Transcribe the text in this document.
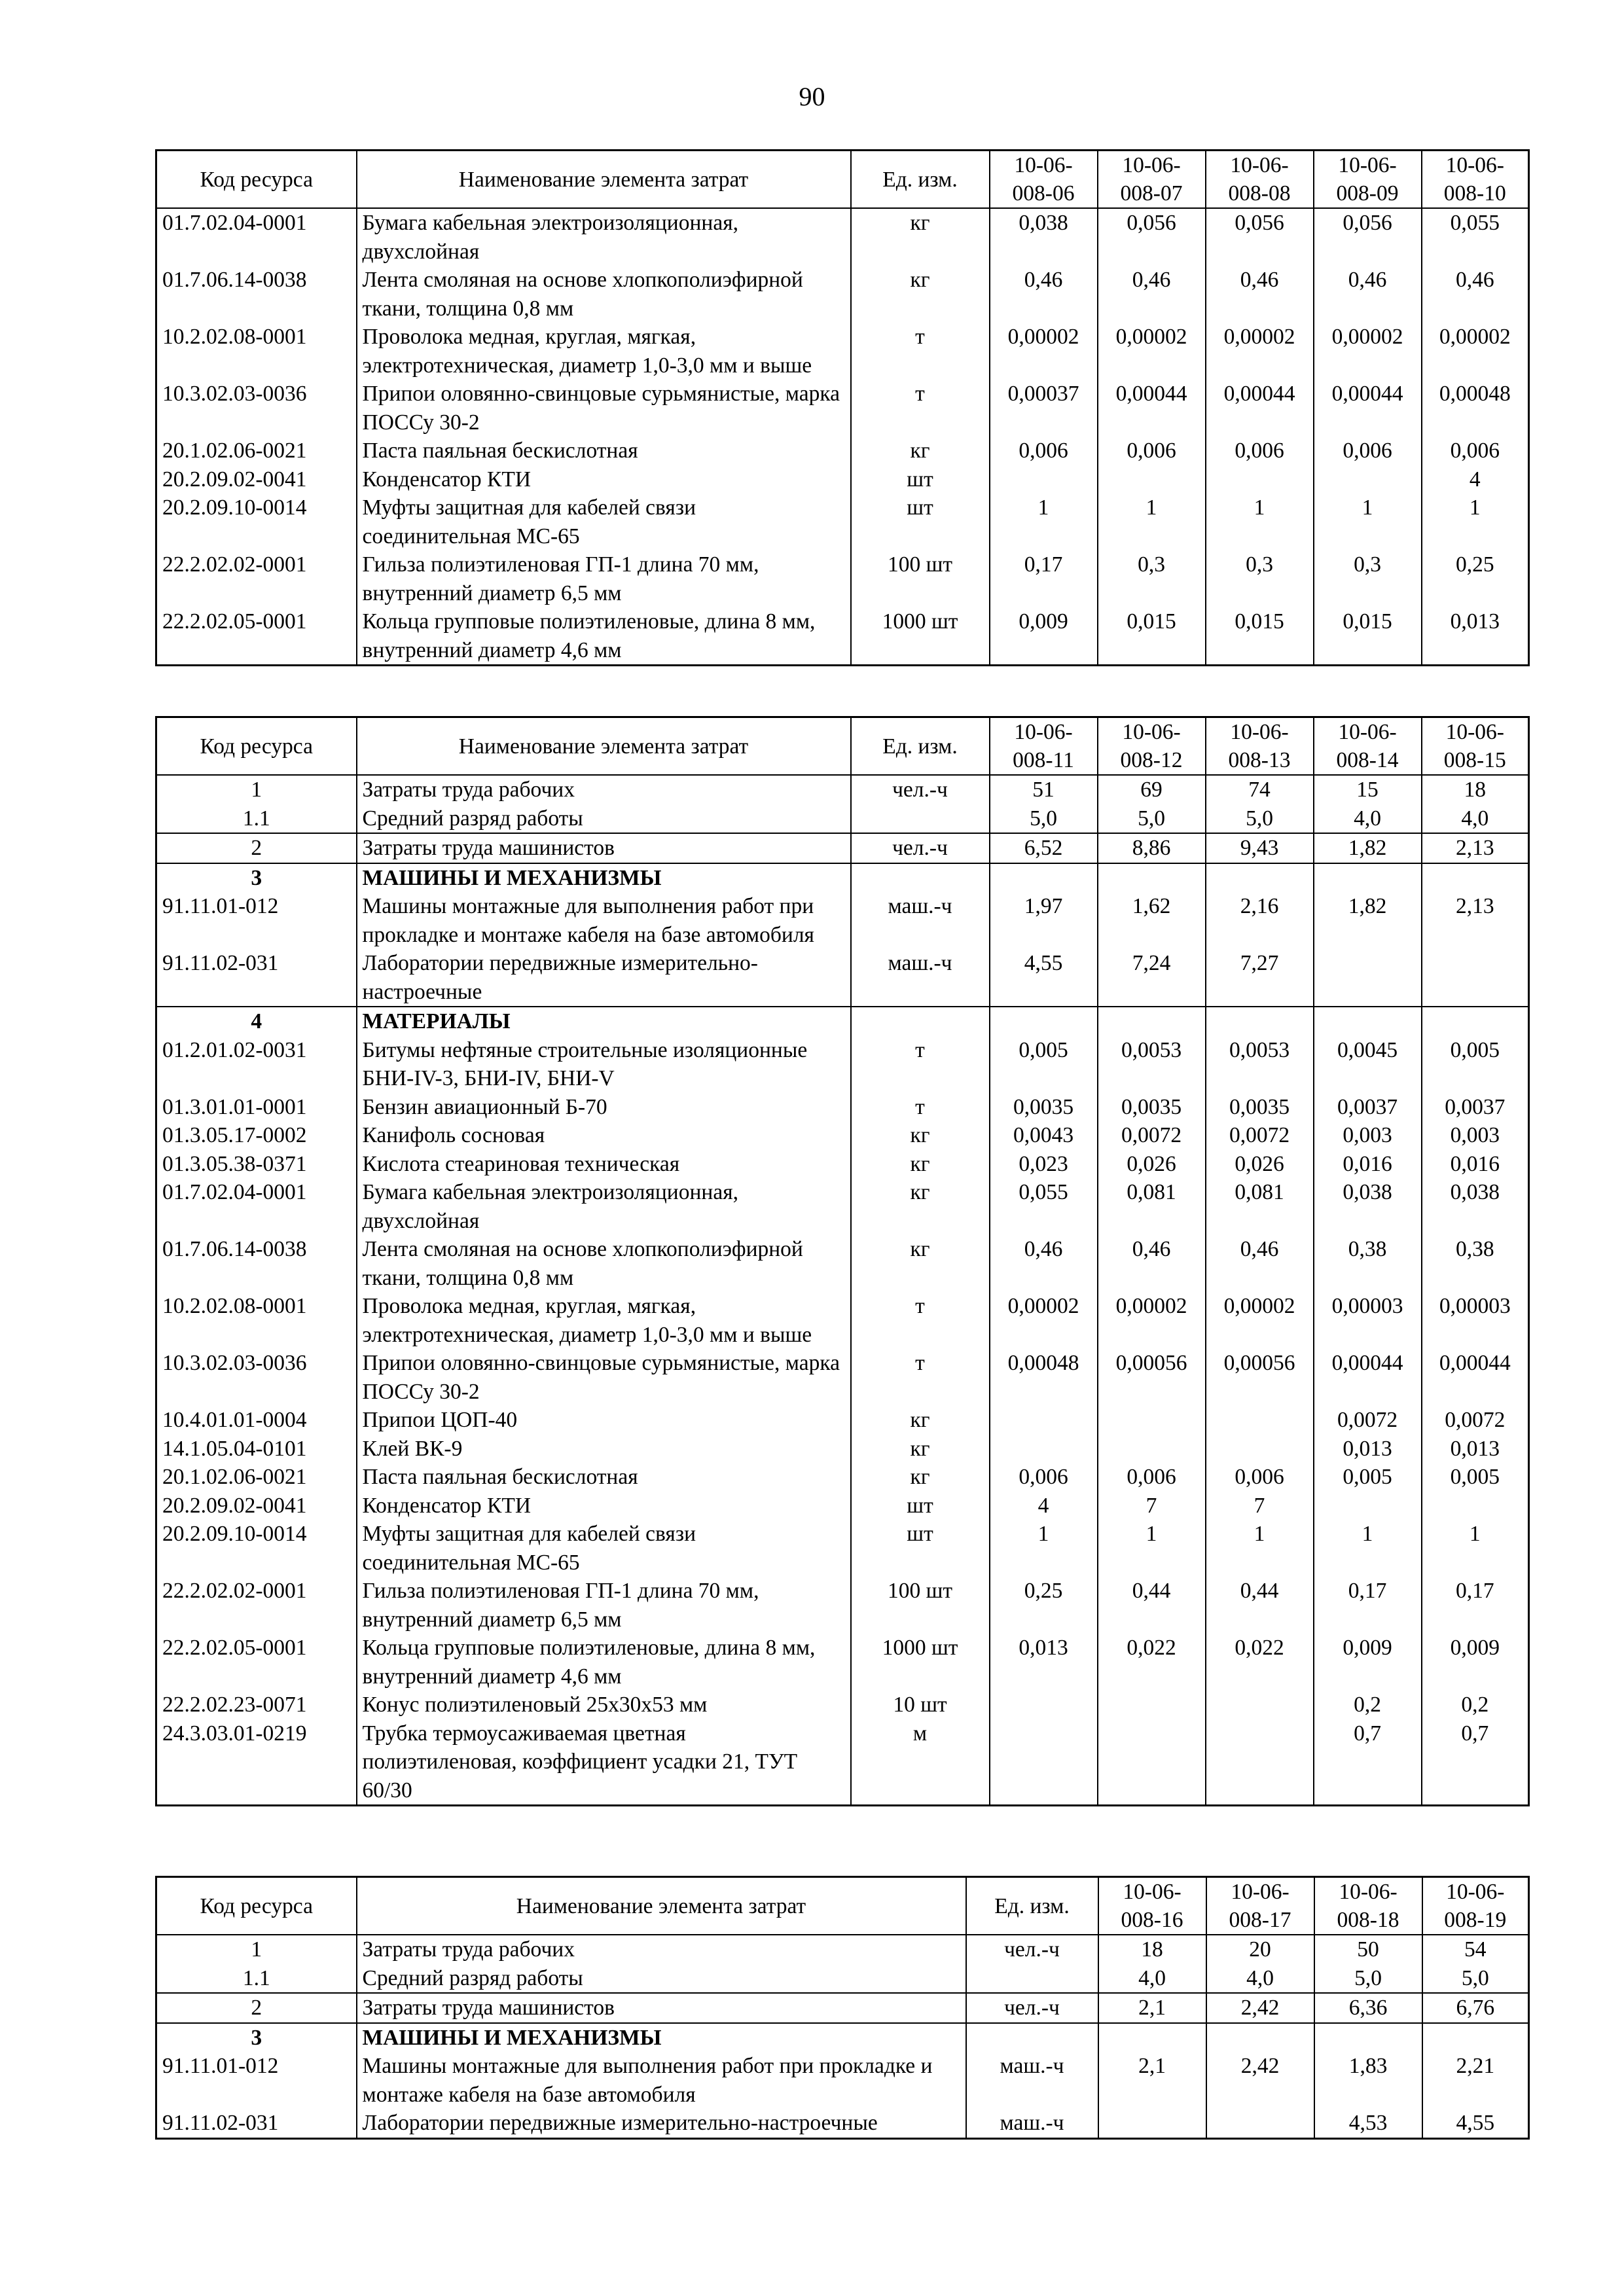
90
Код ресурса	Наименование элемента затрат	Ед. изм.	10-06-008-06	10-06-008-07	10-06-008-08	10-06-008-09	10-06-008-10
01.7.02.04-0001	Бумага кабельная электроизоляционная, двухслойная	кг	0,038	0,056	0,056	0,056	0,055
01.7.06.14-0038	Лента смоляная на основе хлопкополиэфирной ткани, толщина 0,8 мм	кг	0,46	0,46	0,46	0,46	0,46
10.2.02.08-0001	Проволока медная, круглая, мягкая, электротехническая, диаметр 1,0-3,0 мм и выше	т	0,00002	0,00002	0,00002	0,00002	0,00002
10.3.02.03-0036	Припои оловянно-свинцовые сурьмянистые, марка ПОССу 30-2	т	0,00037	0,00044	0,00044	0,00044	0,00048
20.1.02.06-0021	Паста паяльная бескислотная	кг	0,006	0,006	0,006	0,006	0,006
20.2.09.02-0041	Конденсатор КТИ	шт					4
20.2.09.10-0014	Муфты защитная для кабелей связи соединительная МС-65	шт	1	1	1	1	1
22.2.02.02-0001	Гильза полиэтиленовая ГП-1 длина 70 мм, внутренний диаметр 6,5 мм	100 шт	0,17	0,3	0,3	0,3	0,25
22.2.02.05-0001	Кольца групповые полиэтиленовые, длина 8 мм, внутренний диаметр 4,6 мм	1000 шт	0,009	0,015	0,015	0,015	0,013
Код ресурса	Наименование элемента затрат	Ед. изм.	10-06-008-11	10-06-008-12	10-06-008-13	10-06-008-14	10-06-008-15
1	Затраты труда рабочих	чел.-ч	51	69	74	15	18
1.1	Средний разряд работы		5,0	5,0	5,0	4,0	4,0
2	Затраты труда машинистов	чел.-ч	6,52	8,86	9,43	1,82	2,13
3	МАШИНЫ И МЕХАНИЗМЫ						
91.11.01-012	Машины монтажные для выполнения работ при прокладке и монтаже кабеля на базе автомобиля	маш.-ч	1,97	1,62	2,16	1,82	2,13
91.11.02-031	Лаборатории передвижные измерительно-настроечные	маш.-ч	4,55	7,24	7,27		
4	МАТЕРИАЛЫ						
01.2.01.02-0031	Битумы нефтяные строительные изоляционные БНИ-IV-3, БНИ-IV, БНИ-V	т	0,005	0,0053	0,0053	0,0045	0,005
01.3.01.01-0001	Бензин авиационный Б-70	т	0,0035	0,0035	0,0035	0,0037	0,0037
01.3.05.17-0002	Канифоль сосновая	кг	0,0043	0,0072	0,0072	0,003	0,003
01.3.05.38-0371	Кислота стеариновая техническая	кг	0,023	0,026	0,026	0,016	0,016
01.7.02.04-0001	Бумага кабельная электроизоляционная, двухслойная	кг	0,055	0,081	0,081	0,038	0,038
01.7.06.14-0038	Лента смоляная на основе хлопкополиэфирной ткани, толщина 0,8 мм	кг	0,46	0,46	0,46	0,38	0,38
10.2.02.08-0001	Проволока медная, круглая, мягкая, электротехническая, диаметр 1,0-3,0 мм и выше	т	0,00002	0,00002	0,00002	0,00003	0,00003
10.3.02.03-0036	Припои оловянно-свинцовые сурьмянистые, марка ПОССу 30-2	т	0,00048	0,00056	0,00056	0,00044	0,00044
10.4.01.01-0004	Припои ЦОП-40	кг				0,0072	0,0072
14.1.05.04-0101	Клей ВК-9	кг				0,013	0,013
20.1.02.06-0021	Паста паяльная бескислотная	кг	0,006	0,006	0,006	0,005	0,005
20.2.09.02-0041	Конденсатор КТИ	шт	4	7	7		
20.2.09.10-0014	Муфты защитная для кабелей связи соединительная МС-65	шт	1	1	1	1	1
22.2.02.02-0001	Гильза полиэтиленовая ГП-1 длина 70 мм, внутренний диаметр 6,5 мм	100 шт	0,25	0,44	0,44	0,17	0,17
22.2.02.05-0001	Кольца групповые полиэтиленовые, длина 8 мм, внутренний диаметр 4,6 мм	1000 шт	0,013	0,022	0,022	0,009	0,009
22.2.02.23-0071	Конус полиэтиленовый 25х30х53 мм	10 шт				0,2	0,2
24.3.03.01-0219	Трубка термоусаживаемая цветная полиэтиленовая, коэффициент усадки 21, ТУТ 60/30	м				0,7	0,7
Код ресурса	Наименование элемента затрат	Ед. изм.	10-06-008-16	10-06-008-17	10-06-008-18	10-06-008-19
1	Затраты труда рабочих	чел.-ч	18	20	50	54
1.1	Средний разряд работы		4,0	4,0	5,0	5,0
2	Затраты труда машинистов	чел.-ч	2,1	2,42	6,36	6,76
3	МАШИНЫ И МЕХАНИЗМЫ					
91.11.01-012	Машины монтажные для выполнения работ при прокладке и монтаже кабеля на базе автомобиля	маш.-ч	2,1	2,42	1,83	2,21
91.11.02-031	Лаборатории передвижные измерительно-настроечные	маш.-ч			4,53	4,55
